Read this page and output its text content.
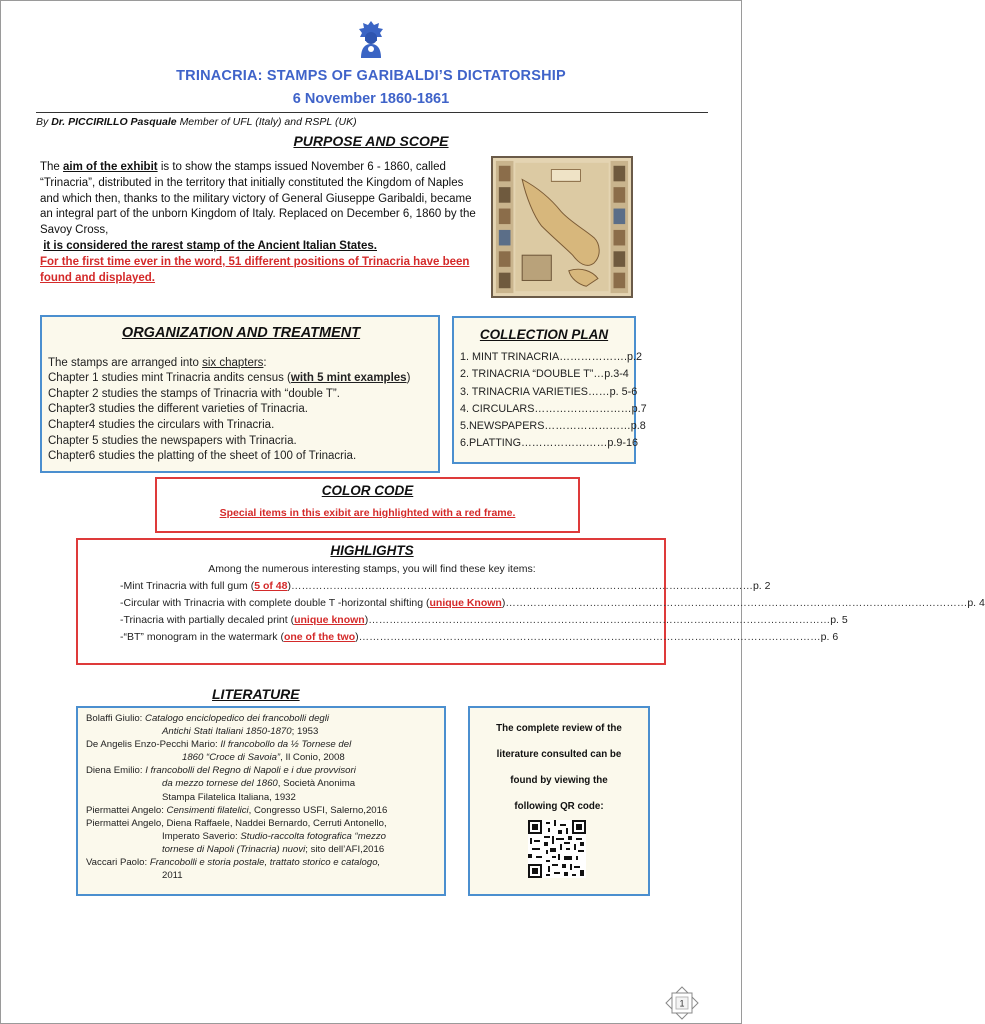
TRINACRIA: STAMPS OF GARIBALDI’S DICTATORSHIP
6 November 1860-1861
By Dr. PICCIRILLO Pasquale Member of UFL (Italy) and RSPL (UK)
PURPOSE AND SCOPE
The aim of the exhibit is to show the stamps issued November 6 - 1860, called “Trinacria”, distributed in the territory that initially constituted the Kingdom of Naples and which then, thanks to the military victory of General Giuseppe Garibaldi, became an integral part of the unborn Kingdom of Italy. Replaced on December 6, 1860 by the Savoy Cross,
it is considered the rarest stamp of the Ancient Italian States.
For the first time ever in the word, 51 different positions of Trinacria have been found and displayed.
ORGANIZATION AND TREATMENT
The stamps are arranged into six chapters:
Chapter 1 studies mint Trinacria andits census (with 5 mint examples)
Chapter 2 studies the stamps of Trinacria with “double T”.
Chapter3 studies the different varieties of Trinacria.
Chapter4 studies the circulars with Trinacria.
Chapter 5 studies the newspapers with Trinacria.
Chapter6 studies the platting of the sheet of 100 of Trinacria.
COLLECTION PLAN
1. MINT TRINACRIA ………………. p.2
2. TRINACRIA “DOUBLE T” … p.3-4
3. TRINACRIA VARIETIES …… p. 5-6
4. CIRCULARS ……………………… p.7
5.NEWSPAPERS …………………… p.8
6.PLATTING …………………… p.9-16
COLOR CODE
Special items in this exibit are highlighted with a red frame.
HIGHLIGHTS
Among the numerous interesting stamps, you will find these key items:
- Mint Trinacria with full gum ( 5 of 48 ) …………………………………………………………………………………………………………………… p. 2
- Circular with Trinacria with complete double T -horizontal shifting ( unique Known ) …………………………………………………………………………………………………………………… p. 4
- Trinacria with partially decaled print ( unique known ) …………………………………………………………………………………………………………………… p. 5
- “BT” monogram in the watermark ( one of the two ) …………………………………………………………………………………………………………………… p. 6
LITERATURE

Bolaffi Giulio: Catalogo enciclopedico dei francobolli degli

Antichi Stati Italiani 1850-1870; 1953

De Angelis Enzo-Pecchi Mario: Il francobollo da ½ Tornese del

1860 “Croce di Savoia”, Il Conio, 2008

Diena Emilio: I francobolli del Regno di Napoli e i due provvisori

da mezzo tornese del 1860, Società Anonima

Stampa Filatelica Italiana, 1932

Piermattei Angelo: Censimenti filatelici, Congresso USFI, Salerno,2016

Piermattei Angelo, Diena Raffaele, Naddei Bernardo, Cerruti Antonello,

Imperato Saverio: Studio-raccolta fotografica “mezzo

tornese di Napoli (Trinacria) nuovi; sito dell’AFI,2016

Vaccari Paolo: Francobolli e storia postale, trattato storico e catalogo,

2011

The complete review of the
literature consulted can be
found by viewing the
following QR code:
1
